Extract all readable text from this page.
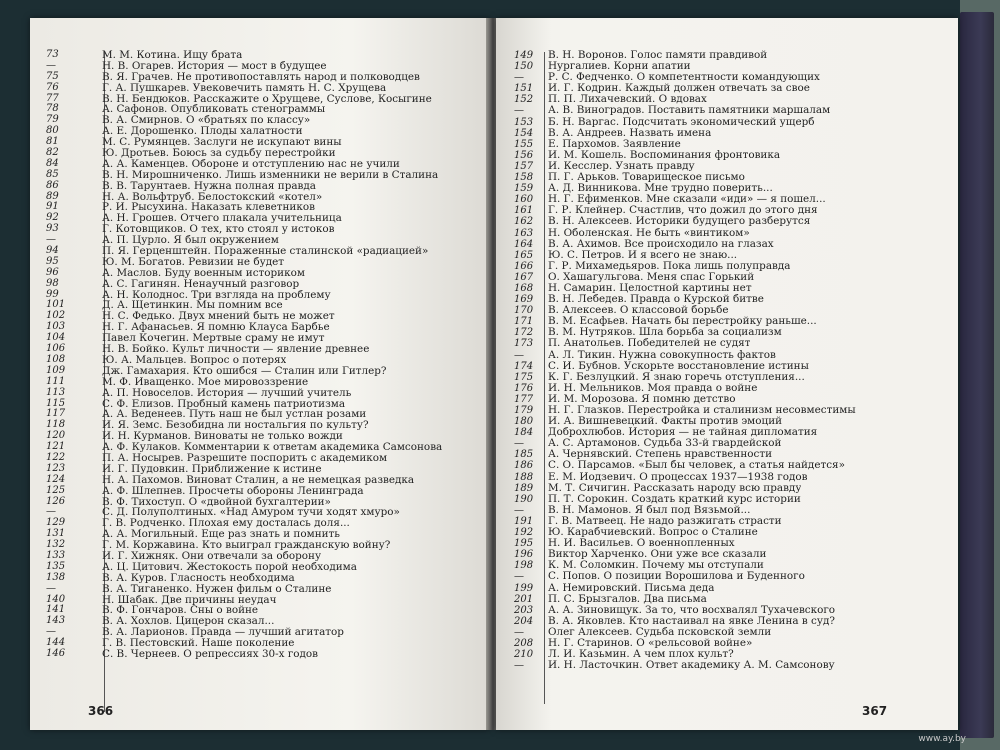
73	М. М. Котина. Ищу брата
—	Н. В. Огарев. История — мост в будущее
75	В. Я. Грачев. Не противопоставлять народ и полководцев
76	Г. А. Пушкарев. Увековечить память Н. С. Хрущева
77	В. Н. Бендюков. Расскажите о Хрущеве, Суслове, Косыгине
78	А. Сафонов. Опубликовать стенограммы
79	В. А. Смирнов. О «братьях по классу»
80	А. Е. Дорошенко. Плоды халатности
81	М. С. Румянцев. Заслуги не искупают вины
82	Ю. Дротьев. Боюсь за судьбу перестройки
84	А. А. Каменцев. Обороне и отступлению нас не учили
85	В. Н. Мирошниченко. Лишь изменники не верили в Сталина
86	В. В. Тарунтаев. Нужна полная правда
89	Н. А. Вольфтруб. Белостокский «котел»
91	Р. И. Рысухина. Наказать клеветников
92	А. Н. Грошев. Отчего плакала учительница
93	Г. Котовщиков. О тех, кто стоял у истоков
—	А. П. Цурло. Я был окружением
94	П. Я. Герценштейн. Пораженные сталинской «радиацией»
95	Ю. М. Богатов. Ревизии не будет
96	А. Маслов. Буду военным историком
98	А. С. Гагинян. Ненаучный разговор
99	А. Н. Колоднос. Три взгляда на проблему
101	Д. А. Щетинкин. Мы помним все
102	Н. С. Федько. Двух мнений быть не может
103	Н. Г. Афанасьев. Я помню Клауса Барбье
104	Павел Кочегин. Мертвые сраму не имут
106	Н. В. Бойко. Культ личности — явление древнее
108	Ю. А. Мальцев. Вопрос о потерях
109	Дж. Гамахария. Кто ошибся — Сталин или Гитлер?
111	М. Ф. Иващенко. Мое мировоззрение
113	А. П. Новоселов. История — лучший учитель
115	С. Ф. Елизов. Пробный камень патриотизма
117	А. А. Веденеев. Путь наш не был устлан розами
118	И. Я. Земс. Безобидна ли ностальгия по культу?
120	И. Н. Курманов. Виноваты не только вожди
121	А. Ф. Кулаков. Комментарии к ответам академика Самсонова
122	П. А. Носырев. Разрешите поспорить с академиком
123	И. Г. Пудовкин. Приближение к истине
124	Н. А. Пахомов. Виноват Сталин, а не немецкая разведка
125	А. Ф. Шлепнев. Просчеты обороны Ленинграда
126	В. Ф. Тихоступ. О «двойной бухгалтерии»
—	С. Д. Полуполтиных. «Над Амуром тучи ходят хмуро»
129	Г. В. Родченко. Плохая ему досталась доля...
131	А. А. Могильный. Еще раз знать и помнить
132	Г. М. Коржавина. Кто выиграл гражданскую войну?
133	И. Г. Хижняк. Они отвечали за оборону
135	А. Ц. Цитович. Жестокость порой необходима
138	В. А. Куров. Гласность необходима
—	В. А. Тиганенко. Нужен фильм о Сталине
140	Н. Шабак. Две причины неудач
141	В. Ф. Гончаров. Сны о войне
143	В. А. Хохлов. Цицерон сказал...
—	В. А. Ларионов. Правда — лучший агитатор
144	Г. В. Пестовский. Наше поколение
146	С. В. Чернеев. О репрессиях 30-х годов
366
149	В. Н. Воронов. Голос памяти правдивой
150	Нургалиев. Корни апатии
—	Р. С. Федченко. О компетентности командующих
151	И. Г. Кодрин. Каждый должен отвечать за свое
152	П. П. Лихачевский. О вдовах
—	А. В. Виноградов. Поставить памятники маршалам
153	Б. Н. Варгас. Подсчитать экономический ущерб
154	В. А. Андреев. Назвать имена
155	Е. Пархомов. Заявление
156	И. М. Кошель. Воспоминания фронтовика
157	И. Кесслер. Узнать правду
158	П. Г. Арьков. Товарищеское письмо
159	А. Д. Винникова. Мне трудно поверить...
160	Н. Г. Ефименков. Мне сказали «иди» — я пошел...
161	Г. Р. Клейнер. Счастлив, что дожил до этого дня
162	В. Н. Алексеев. Историки будущего разберутся
163	Н. Оболенская. Не быть «винтиком»
164	В. А. Ахимов. Все происходило на глазах
165	Ю. С. Петров. И я всего не знаю...
166	Г. Р. Михамедьяров. Пока лишь полуправда
167	О. Хашагульгова. Меня спас Горький
168	Н. Самарин. Целостной картины нет
169	В. Н. Лебедев. Правда о Курской битве
170	В. Алексеев. О классовой борьбе
171	В. М. Есафьев. Начать бы перестройку раньше...
172	В. М. Нутряков. Шла борьба за социализм
173	П. Анатольев. Победителей не судят
—	А. Л. Тикин. Нужна совокупность фактов
174	С. И. Бубнов. Ускорьте восстановление истины
175	К. Г. Безлуцкий. Я знаю горечь отступления...
176	И. Н. Мельников. Моя правда о войне
177	И. М. Морозова. Я помню детство
179	Н. Г. Глазков. Перестройка и сталинизм несовместимы
180	И. А. Вишневецкий. Факты против эмоций
184	Доброхлюбов. История — не тайная дипломатия
—	А. С. Артамонов. Судьба 33-й гвардейской
185	А. Чернявский. Степень нравственности
186	С. О. Парсамов. «Был бы человек, а статья найдется»
188	Е. М. Иодзевич. О процессах 1937—1938 годов
189	М. Т. Сичигин. Рассказать народу всю правду
190	П. Т. Сорокин. Создать краткий курс истории
—	В. Н. Мамонов. Я был под Вязьмой...
191	Г. В. Матвеец. Не надо разжигать страсти
192	Ю. Карабчиевский. Вопрос о Сталине
195	Н. И. Васильев. О военнопленных
196	Виктор Харченко. Они уже все сказали
198	К. М. Соломкин. Почему мы отступали
—	С. Попов. О позиции Ворошилова и Буденного
199	А. Немировский. Письма деда
201	П. С. Брызгалов. Два письма
203	А. А. Зиновищук. За то, что восхвалял Тухачевского
204	В. А. Яковлев. Кто настаивал на явке Ленина в суд?
—	Олег Алексеев. Судьба псковской земли
208	Н. Г. Старинов. О «рельсовой войне»
210	Л. И. Казьмин. А чем плох культ?
—	И. Н. Ласточкин. Ответ академику А. М. Самсонову
367
www.ay.by
